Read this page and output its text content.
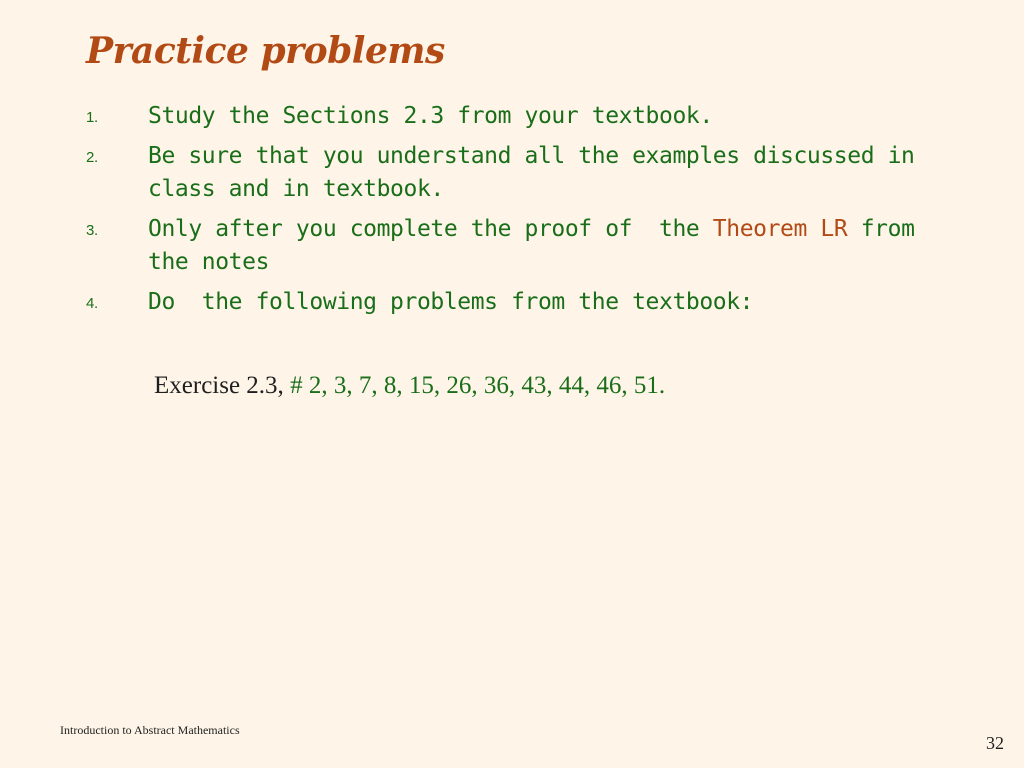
Practice problems
1. Study the Sections 2.3 from your textbook.
2. Be sure that you understand all the examples discussed in class and in textbook.
3. Only after you complete the proof of  the Theorem LR from the notes
4. Do  the following problems from the textbook:
Exercise 2.3, # 2, 3, 7, 8, 15, 26, 36, 43, 44, 46, 51.
Introduction to Abstract Mathematics
32
